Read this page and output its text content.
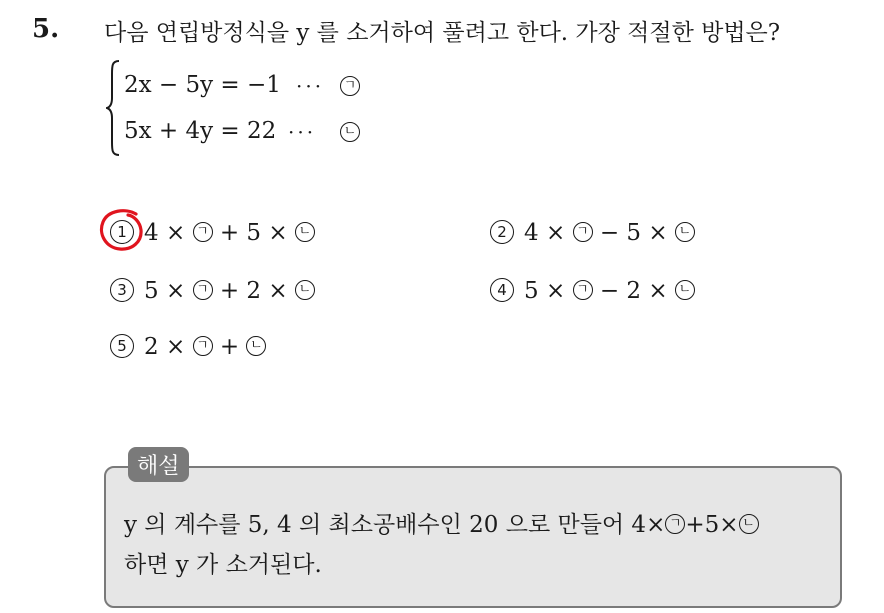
5. 다음 연립방정식을 y 를 소거하여 풀려고 한다. 가장 적절한 방법은?
2x − 5y = −1 ··· ㄱ
5x + 4y = 22 ··· ㄴ
1 4 × ㄱ + 5 × ㄴ	2 4 × ㄱ − 5 × ㄴ
3 5 × ㄱ + 2 × ㄴ	4 5 × ㄱ − 2 × ㄴ
5 2 × ㄱ + ㄴ
해설
y 의 계수를 5, 4 의 최소공배수인 20 으로 만들어 4× ㄱ +5× ㄴ
하면 y 가 소거된다.
